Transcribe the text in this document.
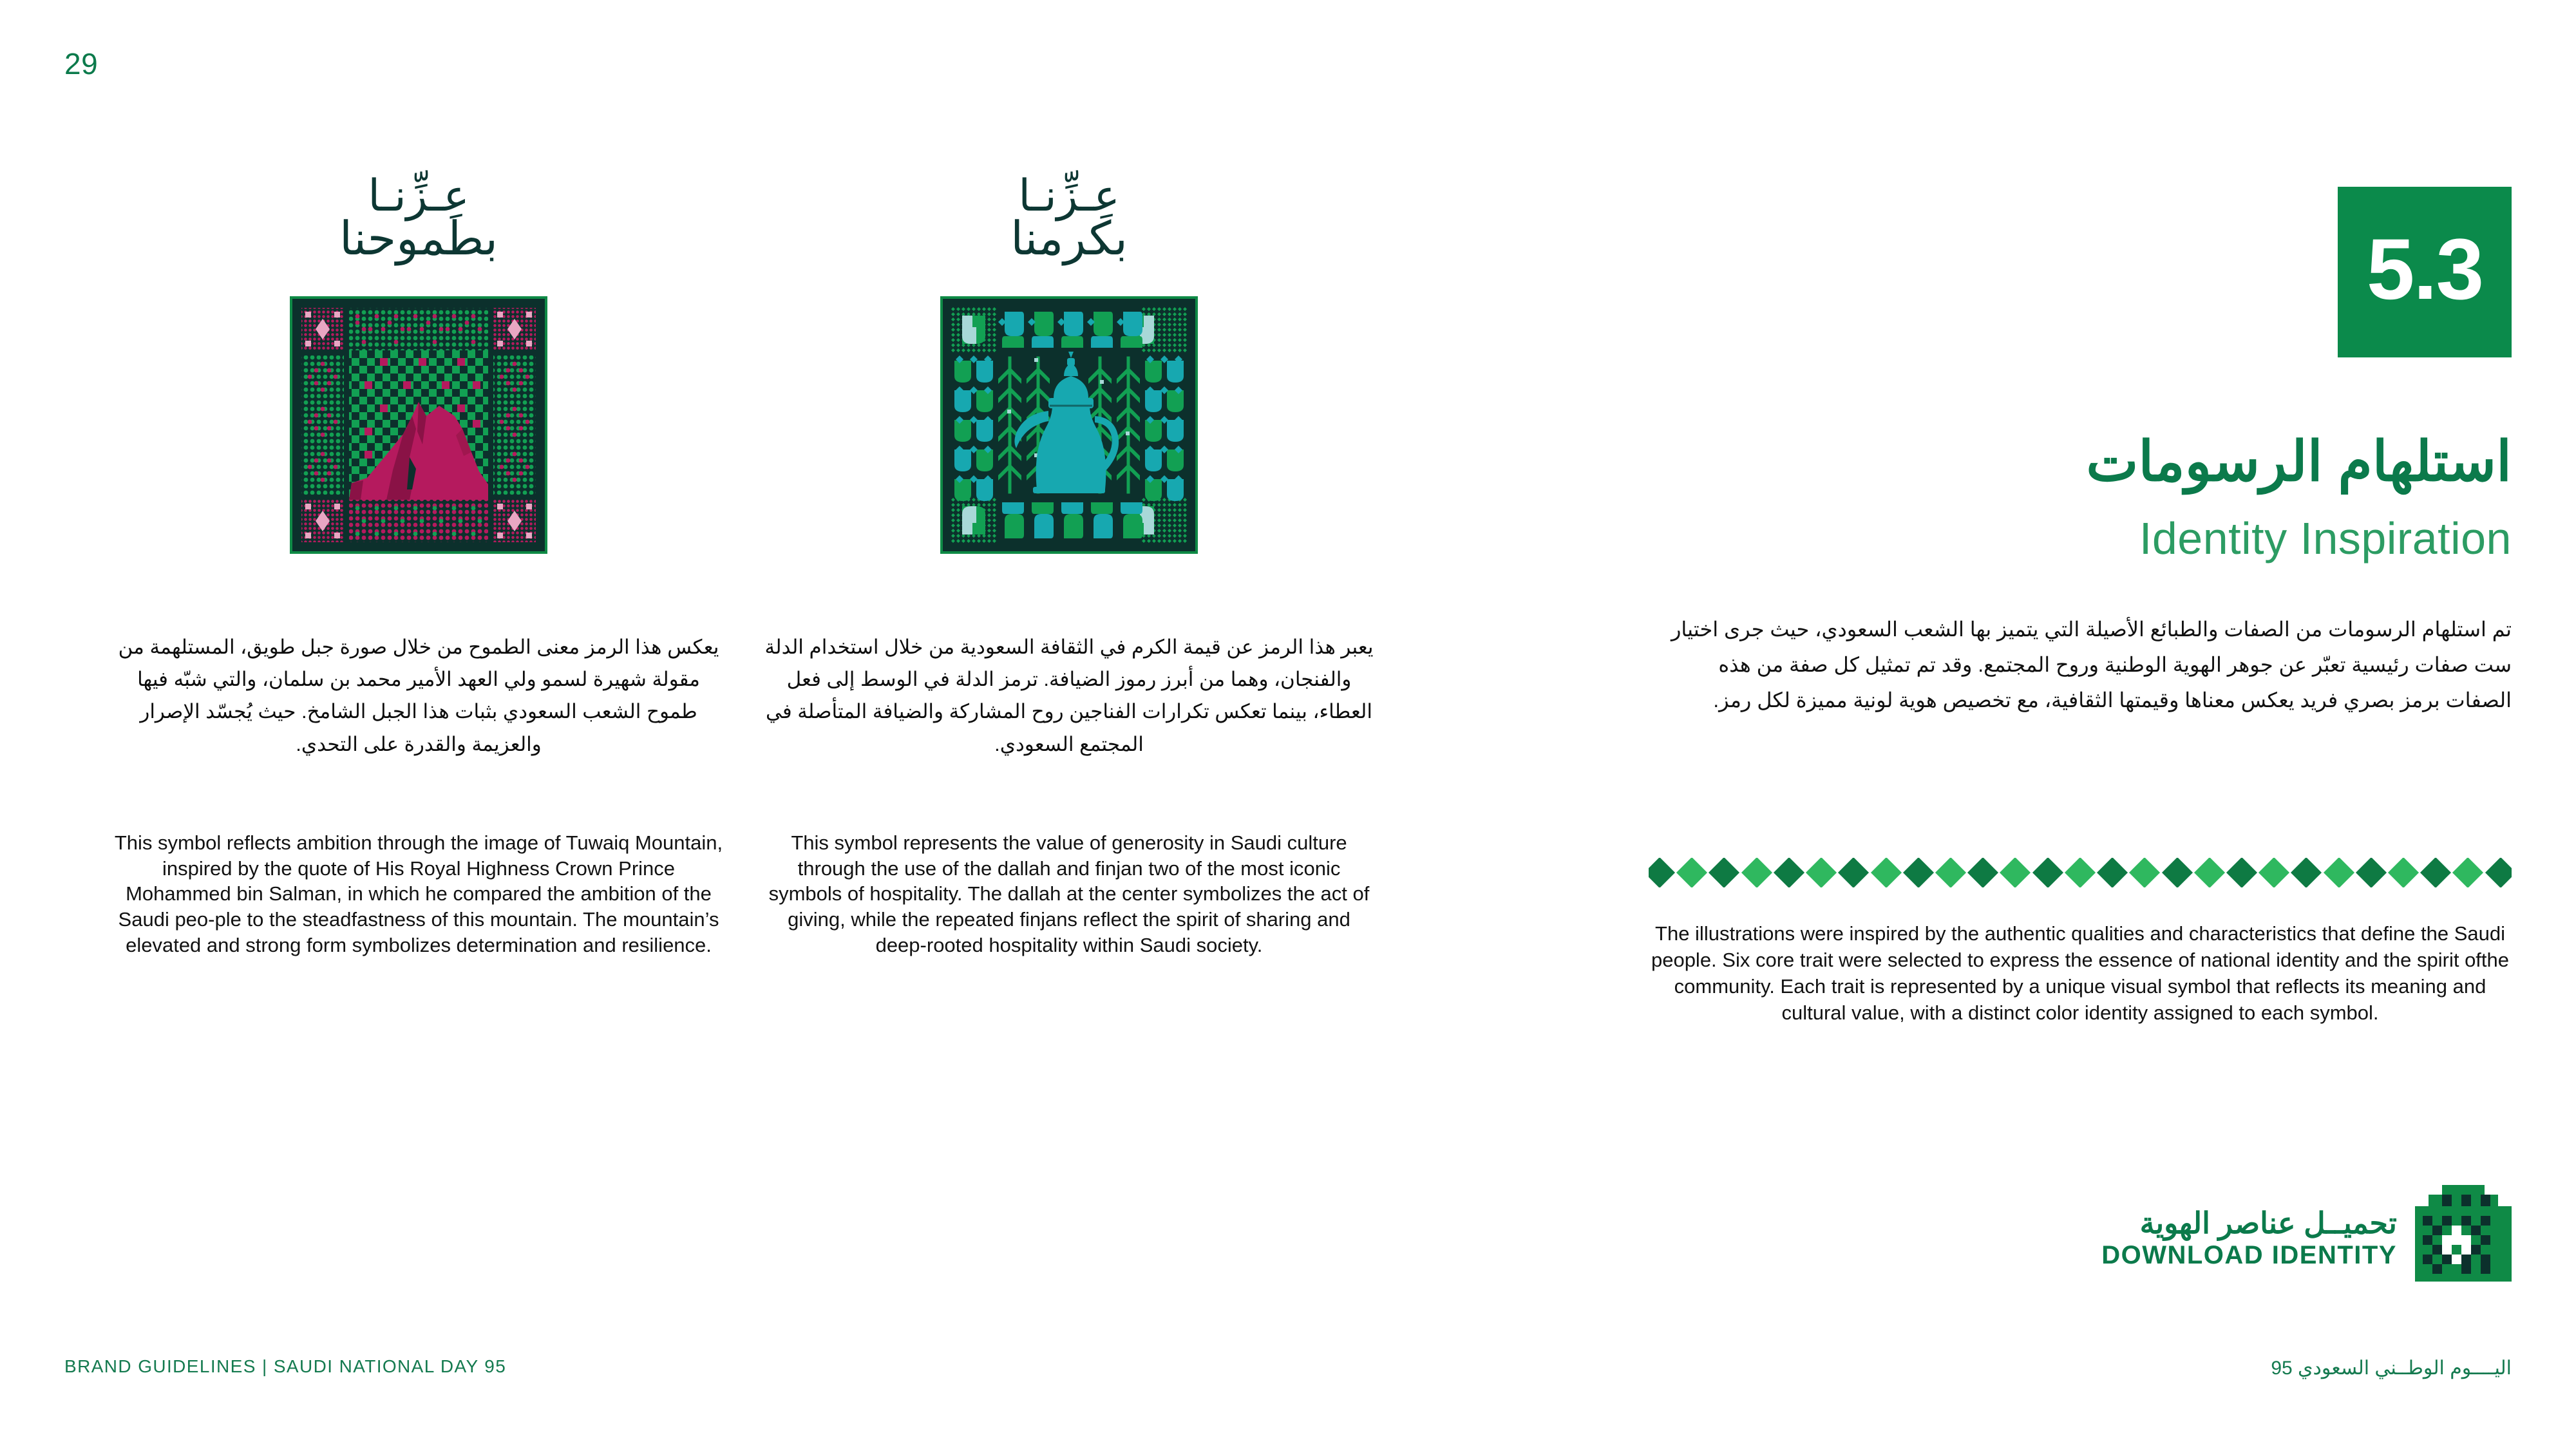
29
عِـزِّنـا
بطموحنا
يعكس هذا الرمز معنى الطموح من خلال صورة جبل طويق، المستلهمة من مقولة شهيرة لسمو ولي العهد الأمير محمد بن سلمان، والتي شبّه فيها طموح الشعب السعودي بثبات هذا الجبل الشامخ. حيث يُجسّد الإصرار والعزيمة والقدرة على التحدي.
This symbol reflects ambition through the image of Tuwaiq Mountain, inspired by the quote of His Royal Highness Crown Prince Mohammed bin Salman, in which he compared the ambition of the Saudi peo-ple to the steadfastness of this mountain. The mountain’s elevated and strong form symbolizes determination and resilience.
عِـزِّنـا
بكرمنا
يعبر هذا الرمز عن قيمة الكرم في الثقافة السعودية من خلال استخدام الدلة والفنجان، وهما من أبرز رموز الضيافة. ترمز الدلة في الوسط إلى فعل العطاء، بينما تعكس تكرارات الفناجين روح المشاركة والضيافة المتأصلة في المجتمع السعودي.
This symbol represents the value of generosity in Saudi culture through the use of the dallah and finjan two of the most iconic symbols of hospitality. The dallah at the center symbolizes the act of giving, while the repeated finjans reflect the spirit of sharing and deep-rooted hospitality within Saudi society.
5.3
استلهام الرسومات
Identity Inspiration
تم استلهام الرسومات من الصفات والطبائع الأصيلة التي يتميز بها الشعب السعودي، حيث جرى اختيار ست صفات رئيسية تعبّر عن جوهر الهوية الوطنية وروح المجتمع. وقد تم تمثيل كل صفة من هذه الصفات برمز بصري فريد يعكس معناها وقيمتها الثقافية، مع تخصيص هوية لونية مميزة لكل رمز.
The illustrations were inspired by the authentic qualities and characteristics that define the Saudi people. Six core trait were selected to express the essence of national identity and the spirit ofthe community. Each trait is represented by a unique visual symbol that reflects its meaning and cultural value, with a distinct color identity assigned to each symbol.
تحميــل عناصر الهوية
DOWNLOAD IDENTITY
BRAND GUIDELINES | SAUDI NATIONAL DAY 95	اليــــوم الوطــني السعودي 95
